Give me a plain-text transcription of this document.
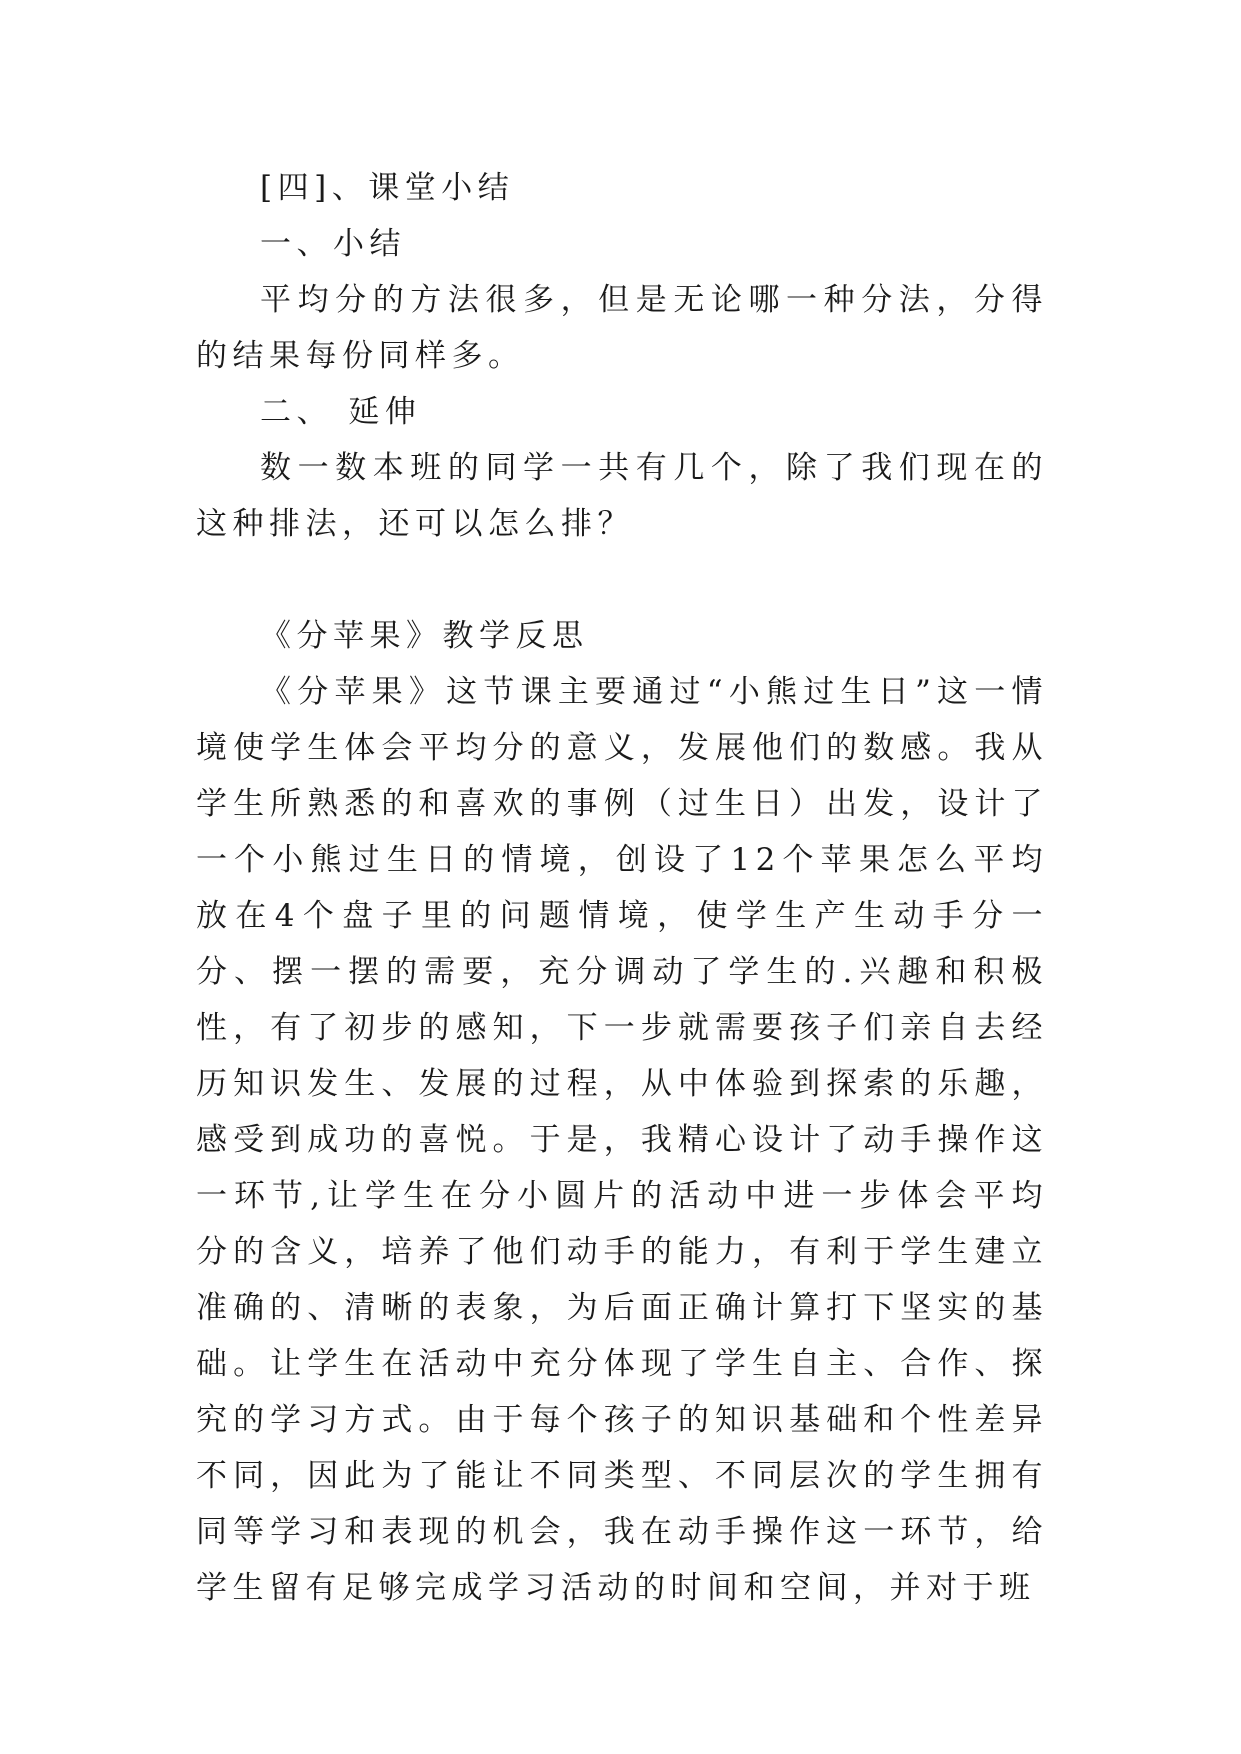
[四]、课堂小结

一、小结

平均分的方法很多，但是无论哪一种分法，分得的结果每份同样多。

二、 延伸

数一数本班的同学一共有几个，除了我们现在的这种排法，还可以怎么排？

《分苹果》教学反思

《分苹果》这节课主要通过“小熊过生日”这一情境使学生体会平均分的意义，发展他们的数感。我从学生所熟悉的和喜欢的事例（过生日）出发，设计了一个小熊过生日的情境，创设了12个苹果怎么平均放在4个盘子里的问题情境，使学生产生动手分一分、摆一摆的需要，充分调动了学生的.兴趣和积极性，有了初步的感知，下一步就需要孩子们亲自去经历知识发生、发展的过程，从中体验到探索的乐趣，感受到成功的喜悦。于是，我精心设计了动手操作这一环节,让学生在分小圆片的活动中进一步体会平均分的含义，培养了他们动手的能力，有利于学生建立准确的、清晰的表象，为后面正确计算打下坚实的基础。让学生在活动中充分体现了学生自主、合作、探究的学习方式。由于每个孩子的知识基础和个性差异不同，因此为了能让不同类型、不同层次的学生拥有同等学习和表现的机会，我在动手操作这一环节，给学生留有足够完成学习活动的时间和空间，并对于班
